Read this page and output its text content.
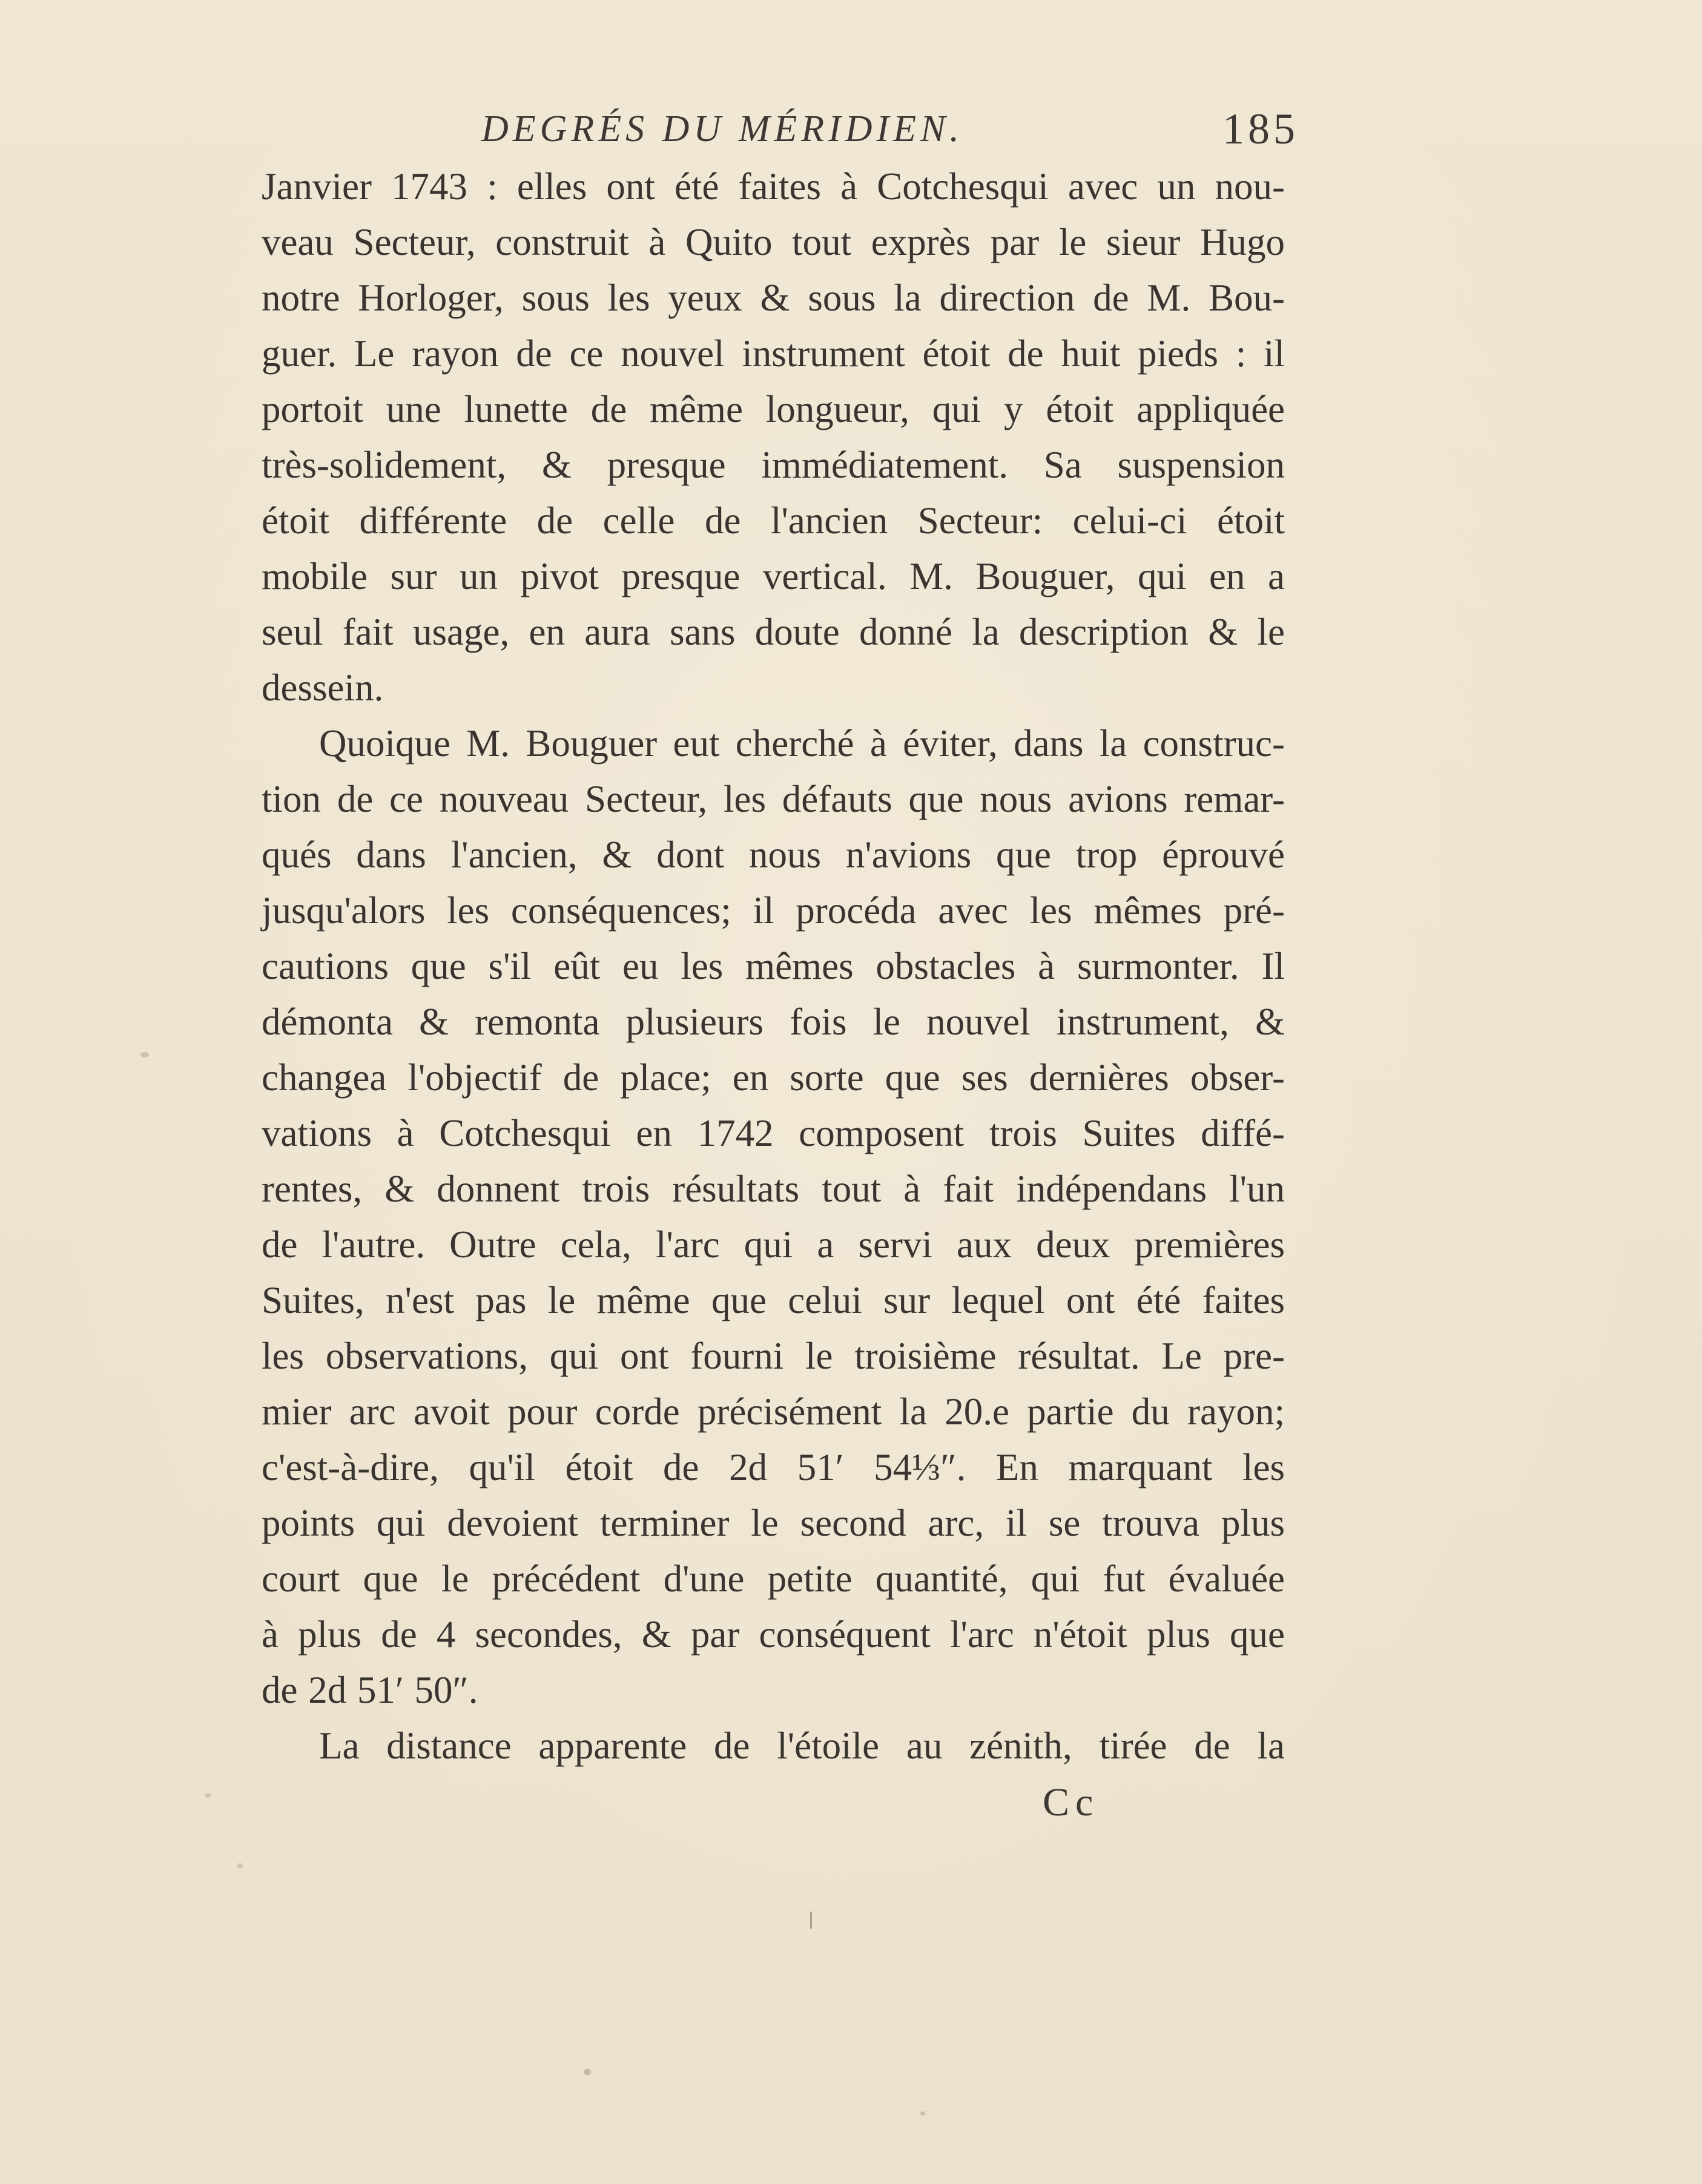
DEGRÉS DU MÉRIDIEN.	185
Janvier 1743 : elles ont été faites à Cotchesqui avec un nou-
veau Secteur, construit à Quito tout exprès par le sieur Hugo
notre Horloger, sous les yeux & sous la direction de M. Bou-
guer. Le rayon de ce nouvel instrument étoit de huit pieds : il
portoit une lunette de même longueur, qui y étoit appliquée
très-solidement, & presque immédiatement. Sa suspension
étoit différente de celle de l'ancien Secteur: celui-ci étoit
mobile sur un pivot presque vertical. M. Bouguer, qui en a
seul fait usage, en aura sans doute donné la description & le
dessein.
Quoique M. Bouguer eut cherché à éviter, dans la construc-
tion de ce nouveau Secteur, les défauts que nous avions remar-
qués dans l'ancien, & dont nous n'avions que trop éprouvé
jusqu'alors les conséquences; il procéda avec les mêmes pré-
cautions que s'il eût eu les mêmes obstacles à surmonter. Il
démonta & remonta plusieurs fois le nouvel instrument, &
changea l'objectif de place; en sorte que ses dernières obser-
vations à Cotchesqui en 1742 composent trois Suites diffé-
rentes, & donnent trois résultats tout à fait indépendans l'un
de l'autre. Outre cela, l'arc qui a servi aux deux premières
Suites, n'est pas le même que celui sur lequel ont été faites
les observations, qui ont fourni le troisième résultat. Le pre-
mier arc avoit pour corde précisément la 20.e partie du rayon;
c'est-à-dire, qu'il étoit de 2d 51′ 54⅓″. En marquant les
points qui devoient terminer le second arc, il se trouva plus
court que le précédent d'une petite quantité, qui fut évaluée
à plus de 4 secondes, & par conséquent l'arc n'étoit plus que
de 2d 51′ 50″.
La distance apparente de l'étoile au zénith, tirée de la
Cc
